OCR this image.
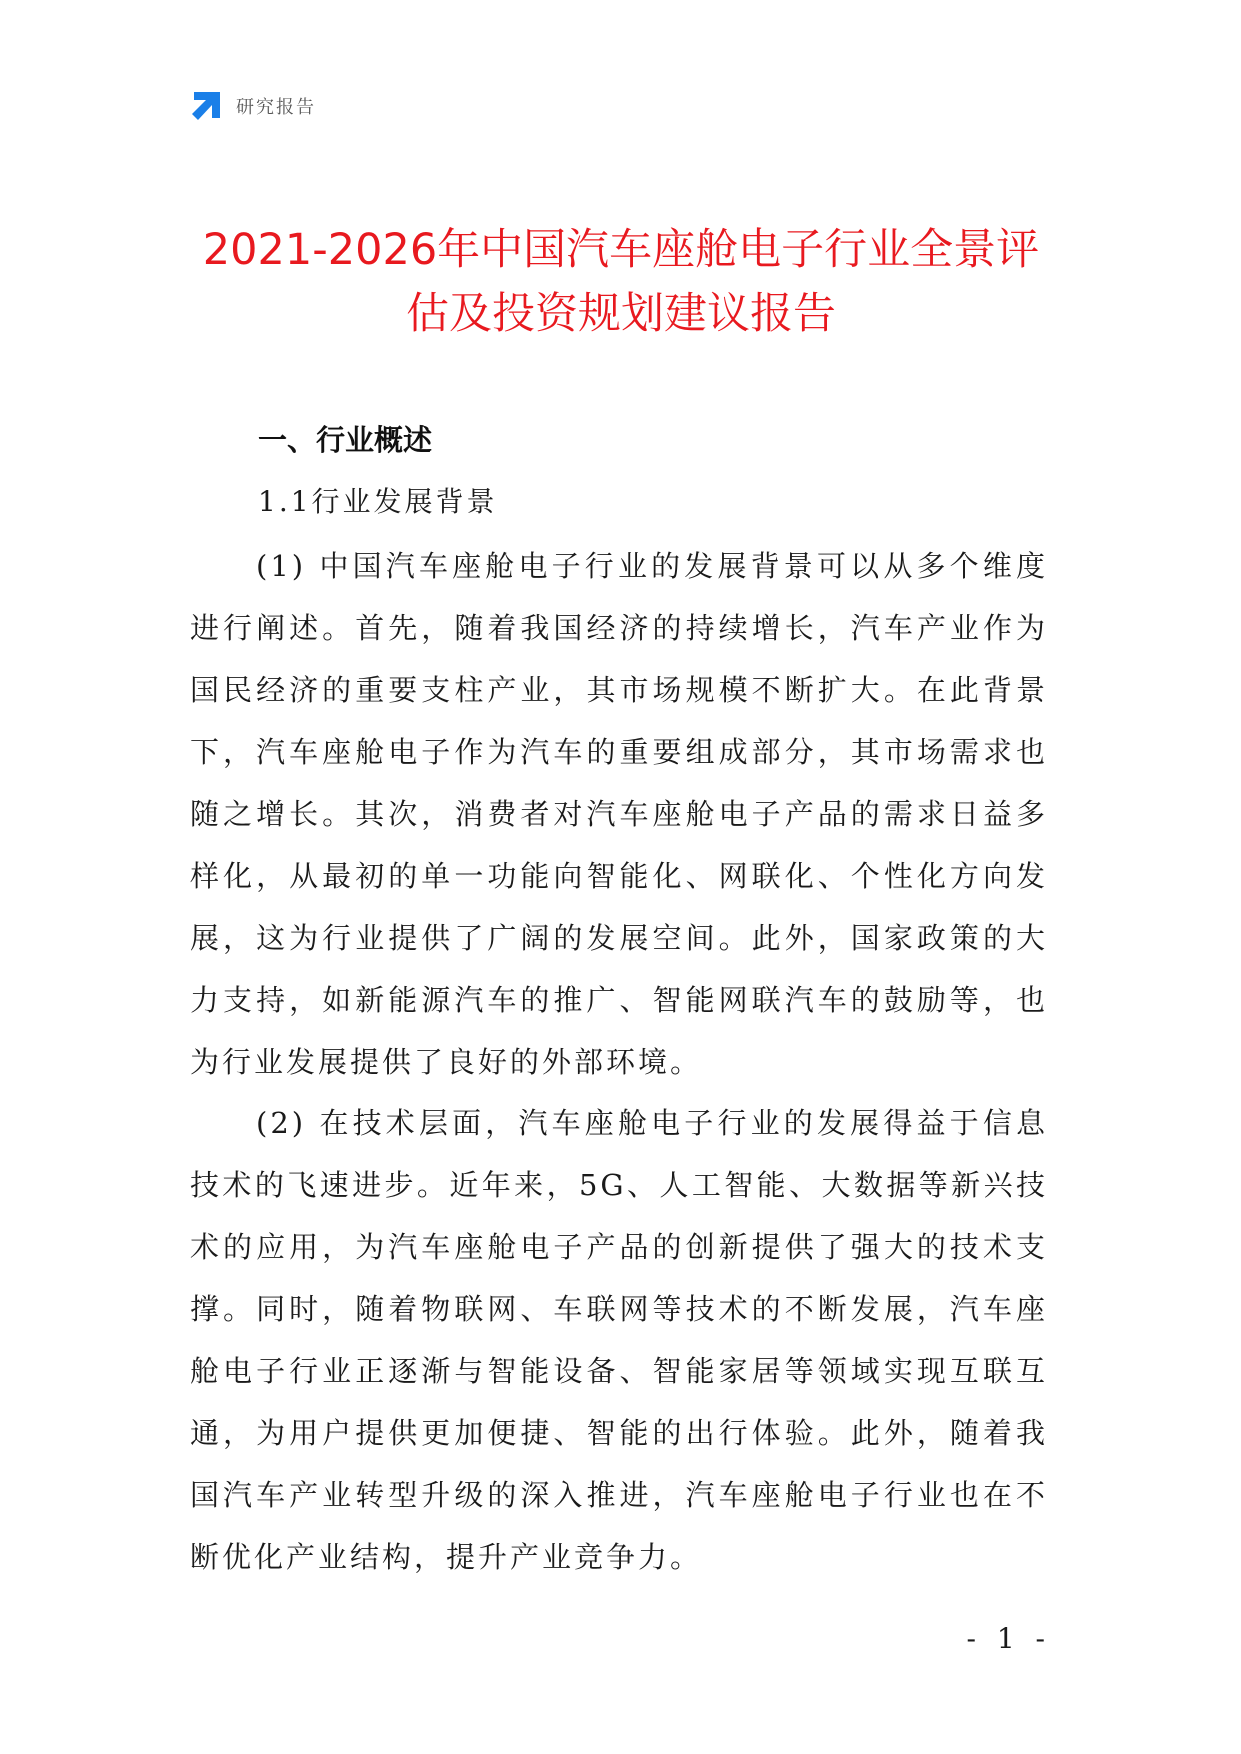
研究报告
2021-2026年中国汽车座舱电子行业全景评估及投资规划建议报告
一、行业概述
1.1行业发展背景

(1) 中国汽车座舱电子行业的发展背景可以从多个维度进行阐述。首先，随着我国经济的持续增长，汽车产业作为国民经济的重要支柱产业，其市场规模不断扩大。在此背景下，汽车座舱电子作为汽车的重要组成部分，其市场需求也随之增长。其次，消费者对汽车座舱电子产品的需求日益多样化，从最初的单一功能向智能化、网联化、个性化方向发展，这为行业提供了广阔的发展空间。此外，国家政策的大力支持，如新能源汽车的推广、智能网联汽车的鼓励等，也为行业发展提供了良好的外部环境。

(2) 在技术层面，汽车座舱电子行业的发展得益于信息技术的飞速进步。近年来，5G、人工智能、大数据等新兴技术的应用，为汽车座舱电子产品的创新提供了强大的技术支撑。同时，随着物联网、车联网等技术的不断发展，汽车座舱电子行业正逐渐与智能设备、智能家居等领域实现互联互通，为用户提供更加便捷、智能的出行体验。此外，随着我国汽车产业转型升级的深入推进，汽车座舱电子行业也在不断优化产业结构，提升产业竞争力。

- 1 -
